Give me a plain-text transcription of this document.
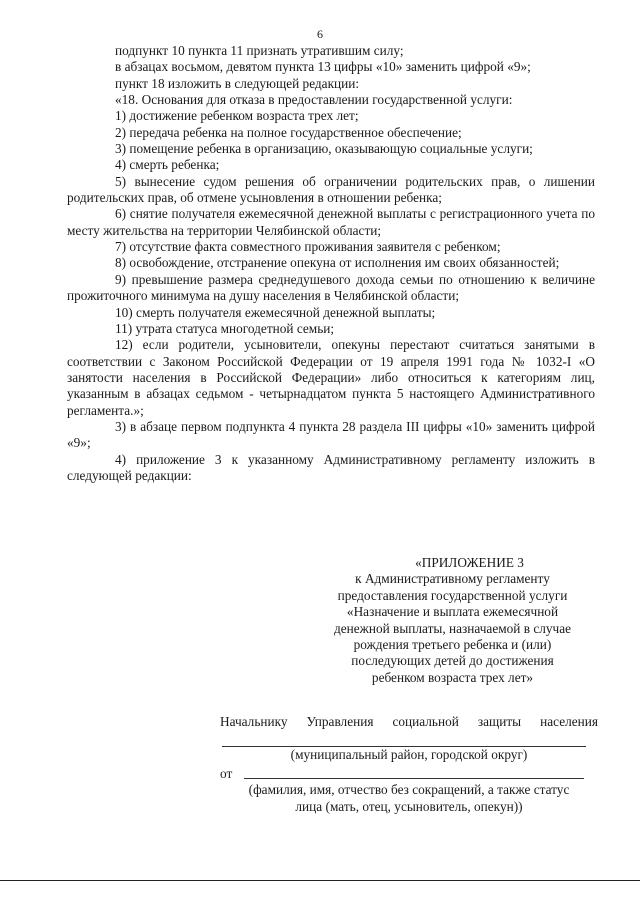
6

подпункт 10 пункта 11 признать утратившим силу;

в абзацах восьмом, девятом пункта 13 цифры «10» заменить цифрой «9»;

пункт 18 изложить в следующей редакции:

«18. Основания для отказа в предоставлении государственной услуги:

1) достижение ребенком возраста трех лет;

2) передача ребенка на полное государственное обеспечение;

3) помещение ребенка в организацию, оказывающую социальные услуги;

4) смерть ребенка;

5) вынесение судом решения об ограничении родительских прав, о лишении родительских прав, об отмене усыновления в отношении ребенка;

6) снятие получателя ежемесячной денежной выплаты с регистрационного учета по месту жительства на территории Челябинской области;

7) отсутствие факта совместного проживания заявителя с ребенком;

8) освобождение, отстранение опекуна от исполнения им своих обязанностей;

9) превышение размера среднедушевого дохода семьи по отношению к величине прожиточного минимума на душу населения в Челябинской области;

10) смерть получателя ежемесячной денежной выплаты;

11) утрата статуса многодетной семьи;

12) если родители, усыновители, опекуны перестают считаться занятыми в соответствии с Законом Российской Федерации от 19 апреля 1991 года № 1032-I «О занятости населения в Российской Федерации» либо относиться к категориям лиц, указанным в абзацах седьмом - четырнадцатом пункта 5 настоящего Административного регламента.»;

3) в абзаце первом подпункта 4 пункта 28 раздела III цифры «10» заменить цифрой «9»;

4) приложение 3 к указанному Административному регламенту изложить в следующей редакции:

«ПРИЛОЖЕНИЕ 3
к Административному регламенту
предоставления государственной услуги
«Назначение и выплата ежемесячной
денежной выплаты, назначаемой в случае
рождения третьего ребенка и (или)
последующих детей до достижения
ребенком возраста трех лет»

Начальнику Управления социальной защиты населения

(муниципальный район, городской округ)

от

(фамилия, имя, отчество без сокращений, а также статус

лица (мать, отец, усыновитель, опекун))
